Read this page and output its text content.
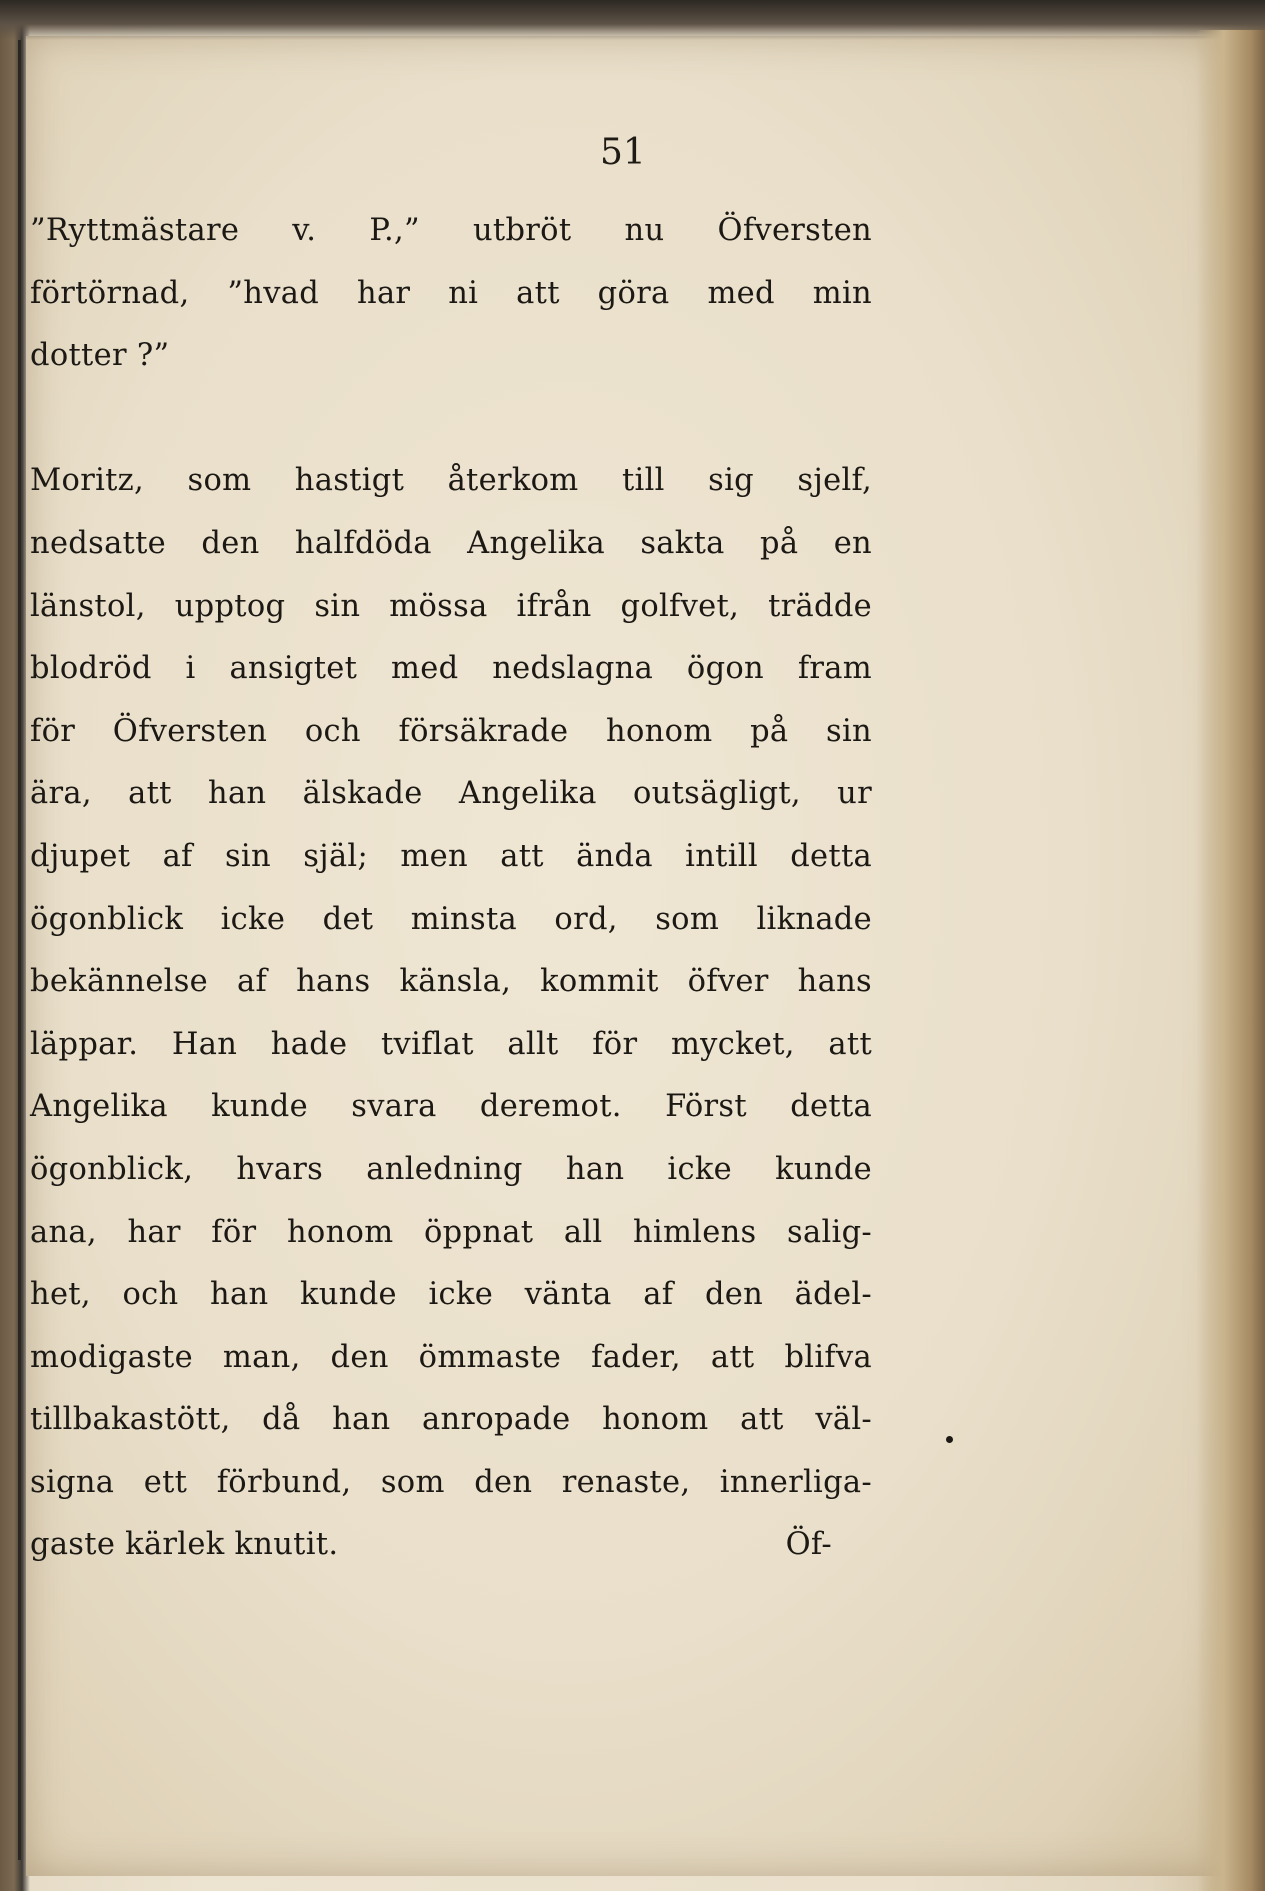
51
”Ryttmästare v. P.,” utbröt nu Öfversten
förtörnad, ”hvad har ni att göra med min
dotter ?”
Moritz, som hastigt återkom till sig sjelf,
nedsatte den halfdöda Angelika sakta på en
länstol, upptog sin mössa ifrån golfvet, trädde
blodröd i ansigtet med nedslagna ögon fram
för Öfversten och försäkrade honom på sin
ära, att han älskade Angelika outsägligt, ur
djupet af sin själ; men att ända intill detta
ögonblick icke det minsta ord, som liknade
bekännelse af hans känsla, kommit öfver hans
läppar. Han hade tviflat allt för mycket, att
Angelika kunde svara deremot. Först detta
ögonblick, hvars anledning han icke kunde
ana, har för honom öppnat all himlens salig-
het, och han kunde icke vänta af den ädel-
modigaste man, den ömmaste fader, att blifva
tillbakastött, då han anropade honom att väl-
signa ett förbund, som den renaste, innerliga-
gaste kärlek knutit.	Öf-
